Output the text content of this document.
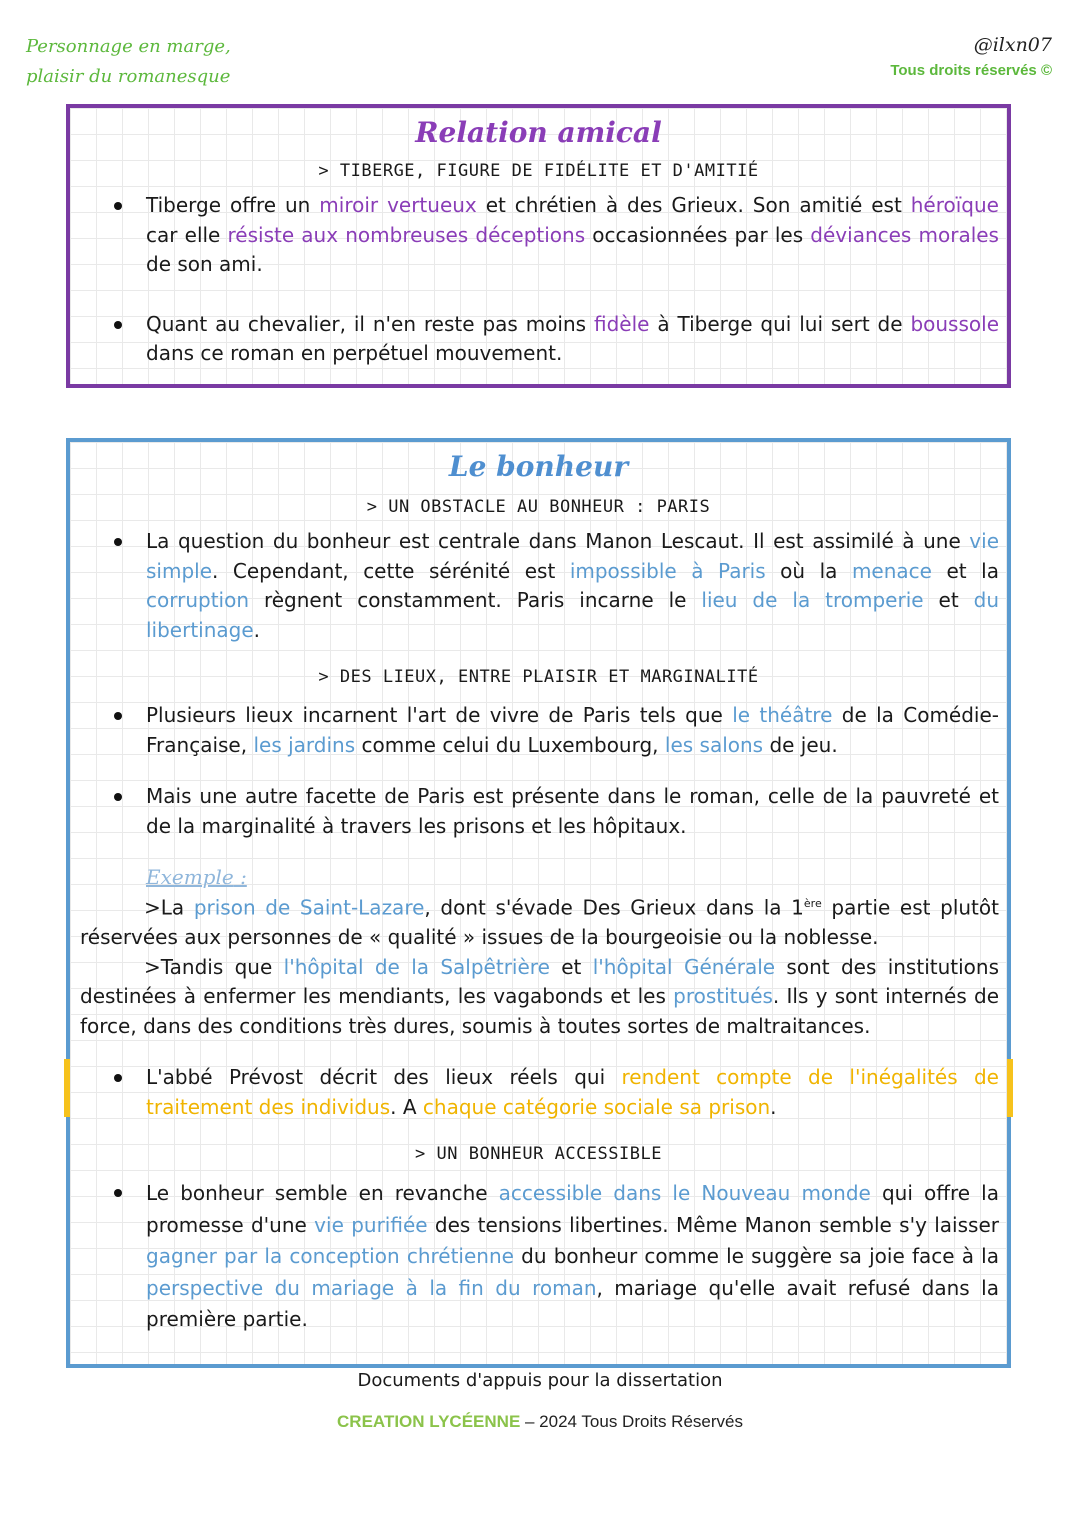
Personnage en marge,
plaisir du romanesque
@ilxn07
Tous droits réservés ©
Relation amical
> TIBERGE, FIGURE DE FIDÉLITE ET D'AMITIÉ
Tiberge offre un miroir vertueux et chrétien à des Grieux. Son amitié est héroïque car elle résiste aux nombreuses déceptions occasionnées par les déviances morales de son ami.
Quant au chevalier, il n'en reste pas moins fidèle à Tiberge qui lui sert de boussole dans ce roman en perpétuel mouvement.
Le bonheur
> UN OBSTACLE AU BONHEUR : PARIS
La question du bonheur est centrale dans Manon Lescaut. Il est assimilé à une vie simple. Cependant, cette sérénité est impossible à Paris où la menace et la corruption règnent constamment. Paris incarne le lieu de la tromperie et du libertinage.
> DES LIEUX, ENTRE PLAISIR ET MARGINALITÉ
Plusieurs lieux incarnent l'art de vivre de Paris tels que le théâtre de la Comédie-Française, les jardins comme celui du Luxembourg, les salons de jeu.
Mais une autre facette de Paris est présente dans le roman, celle de la pauvreté et de la marginalité à travers les prisons et les hôpitaux.
Exemple :
>La prison de Saint-Lazare, dont s'évade Des Grieux dans la 1ère partie est plutôt réservées aux personnes de « qualité » issues de la bourgeoisie ou la noblesse.
>Tandis que l'hôpital de la Salpêtrière et l'hôpital Générale sont des institutions destinées à enfermer les mendiants, les vagabonds et les prostitués. Ils y sont internés de force, dans des conditions très dures, soumis à toutes sortes de maltraitances.
L'abbé Prévost décrit des lieux réels qui rendent compte de l'inégalités de traitement des individus. A chaque catégorie sociale sa prison.
> UN BONHEUR ACCESSIBLE
Le bonheur semble en revanche accessible dans le Nouveau monde qui offre la promesse d'une vie purifiée des tensions libertines. Même Manon semble s'y laisser gagner par la conception chrétienne du bonheur comme le suggère sa joie face à la perspective du mariage à la fin du roman, mariage qu'elle avait refusé dans la première partie.
Documents d'appuis pour la dissertation
CREATION LYCÉENNE – 2024 Tous Droits Réservés
